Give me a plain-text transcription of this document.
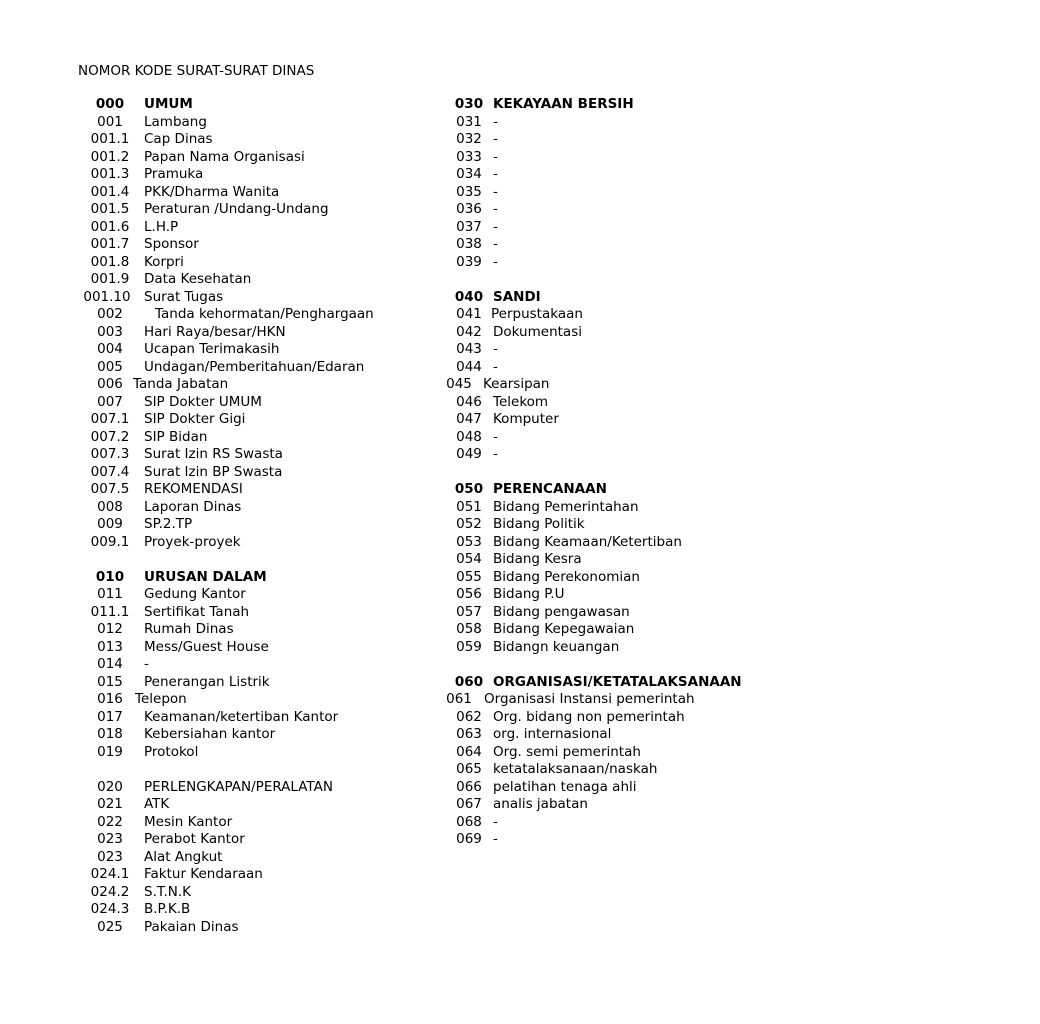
NOMOR KODE SURAT-SURAT DINAS
000	UMUM
001	Lambang
001.1	Cap Dinas
001.2	Papan Nama Organisasi
001.3	Pramuka
001.4	PKK/Dharma Wanita
001.5	Peraturan /Undang-Undang
001.6	L.H.P
001.7	Sponsor
001.8	Korpri
001.9	Data Kesehatan
001.10 Surat Tugas
002	Tanda kehormatan/Penghargaan
003	Hari Raya/besar/HKN
004	Ucapan Terimakasih
005	Undagan/Pemberitahuan/Edaran
006 Tanda Jabatan
007	SIP Dokter UMUM
007.1	SIP Dokter Gigi
007.2	SIP Bidan
007.3	Surat Izin RS Swasta
007.4	Surat Izin BP Swasta
007.5	REKOMENDASI
008	Laporan Dinas
009	SP.2.TP
009.1	Proyek-proyek
010	URUSAN DALAM
011	Gedung Kantor
011.1	Sertifikat Tanah
012	Rumah Dinas
013	Mess/Guest House
014	-
015	Penerangan Listrik
016 Telepon
017	Keamanan/ketertiban Kantor
018	Kebersiahan kantor
019	Protokol
020	PERLENGKAPAN/PERALATAN
021	ATK
022	Mesin Kantor
023	Perabot Kantor
023	Alat Angkut
024.1	Faktur Kendaraan
024.2	S.T.N.K
024.3	B.P.K.B
025	Pakaian Dinas
030 KEKAYAAN BERSIH
031 -
032 -
033 -
034 -
035 -
036 -
037 -
038 -
039 -
040 SANDI
041 Perpustakaan
042 Dokumentasi
043 -
044 -
045 Kearsipan
046 Telekom
047 Komputer
048 -
049 -
050 PERENCANAAN
051 Bidang Pemerintahan
052 Bidang Politik
053 Bidang Keamaan/Ketertiban
054 Bidang Kesra
055 Bidang Perekonomian
056 Bidang P.U
057 Bidang pengawasan
058 Bidang Kepegawaian
059 Bidangn keuangan
060 ORGANISASI/KETATALAKSANAAN
061 Organisasi Instansi pemerintah
062 Org. bidang non pemerintah
063 org. internasional
064 Org. semi pemerintah
065 ketatalaksanaan/naskah
066 pelatihan tenaga ahli
067 analis jabatan
068 -
069 -
